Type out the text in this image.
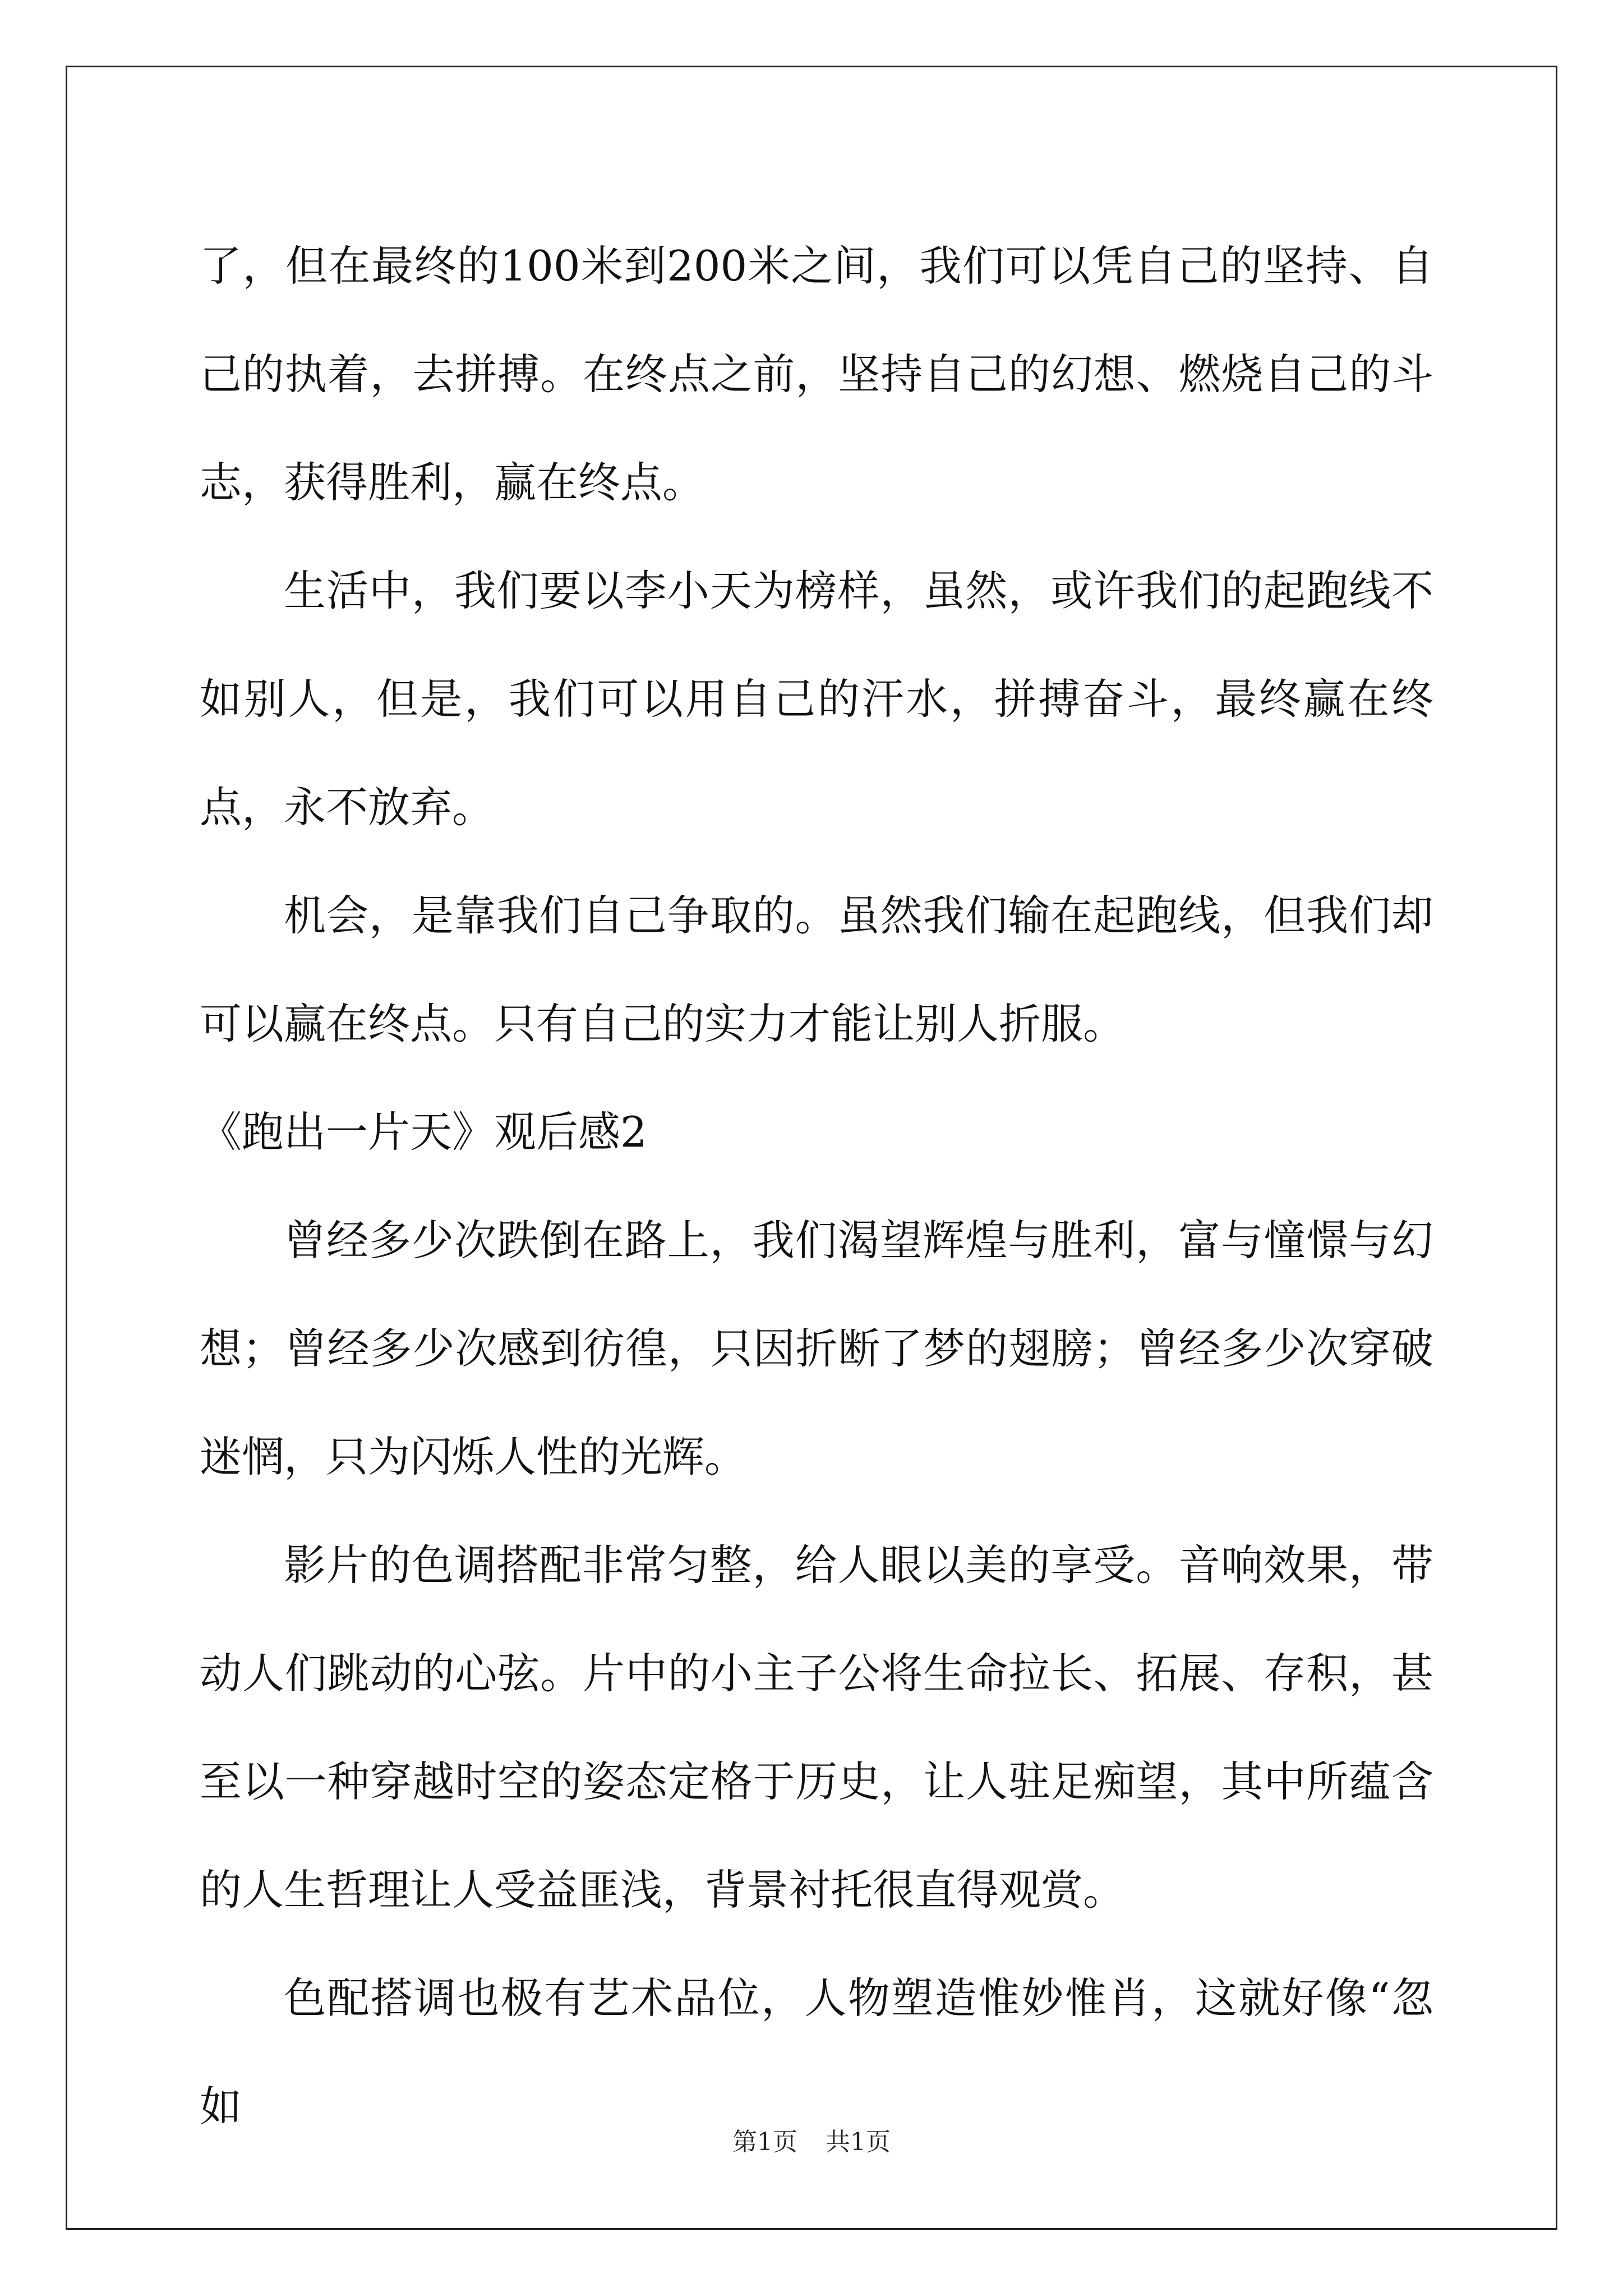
了，但在最终的100米到200米之间，我们可以凭自己的坚持、自己的执着，去拼搏。在终点之前，坚持自己的幻想、燃烧自己的斗志，获得胜利，赢在终点。

生活中，我们要以李小天为榜样，虽然，或许我们的起跑线不如别人，但是，我们可以用自己的汗水，拼搏奋斗，最终赢在终点，永不放弃。

机会，是靠我们自己争取的。虽然我们输在起跑线，但我们却可以赢在终点。只有自己的实力才能让别人折服。

《跑出一片天》观后感2

曾经多少次跌倒在路上，我们渴望辉煌与胜利，富与憧憬与幻想；曾经多少次感到彷徨，只因折断了梦的翅膀；曾经多少次穿破迷惘，只为闪烁人性的光辉。

影片的色调搭配非常匀整，给人眼以美的享受。音响效果，带动人们跳动的心弦。片中的小主子公将生命拉长、拓展、存积，甚至以一种穿越时空的姿态定格于历史，让人驻足痴望，其中所蕴含的人生哲理让人受益匪浅，背景衬托很直得观赏。

色配搭调也极有艺术品位，人物塑造惟妙惟肖，这就好像“忽如

第1页 共1页
